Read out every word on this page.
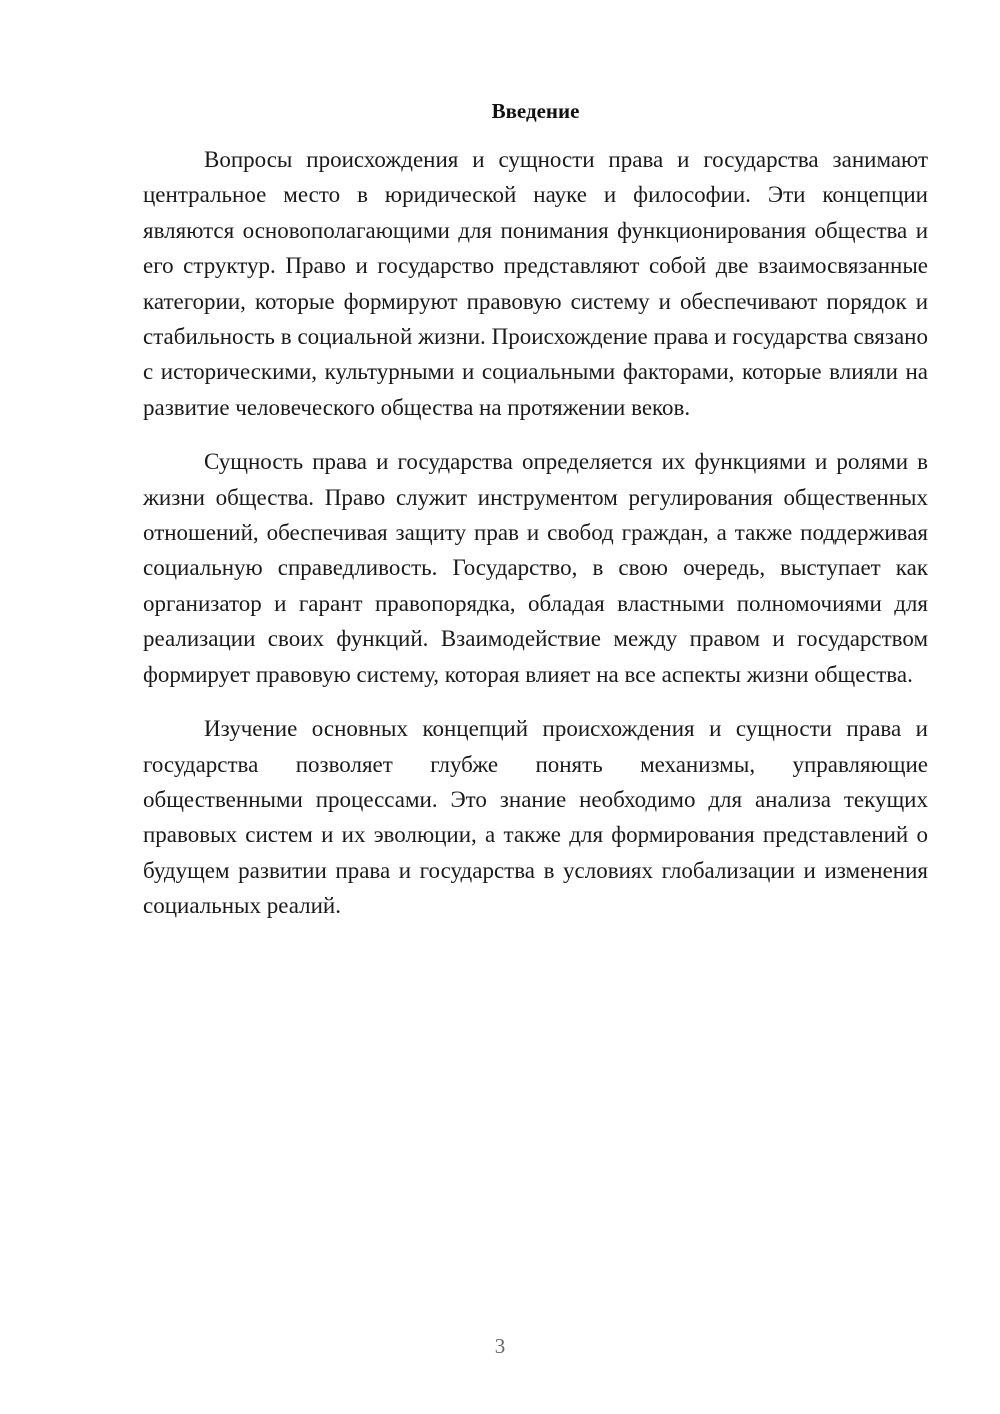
Введение

Вопросы происхождения и сущности права и государства занимают центральное место в юридической науке и философии. Эти концепции являются основополагающими для понимания функционирования общества и его структур. Право и государство представляют собой две взаимосвязанные категории, которые формируют правовую систему и обеспечивают порядок и стабильность в социальной жизни. Происхождение права и государства связано с историческими, культурными и социальными факторами, которые влияли на развитие человеческого общества на протяжении веков.

Сущность права и государства определяется их функциями и ролями в жизни общества. Право служит инструментом регулирования общественных отношений, обеспечивая защиту прав и свобод граждан, а также поддерживая социальную справедливость. Государство, в свою очередь, выступает как организатор и гарант правопорядка, обладая властными полномочиями для реализации своих функций. Взаимодействие между правом и государством формирует правовую систему, которая влияет на все аспекты жизни общества.

Изучение основных концепций происхождения и сущности права и государства позволяет глубже понять механизмы, управляющие общественными процессами. Это знание необходимо для анализа текущих правовых систем и их эволюции, а также для формирования представлений о будущем развитии права и государства в условиях глобализации и изменения социальных реалий.

3
